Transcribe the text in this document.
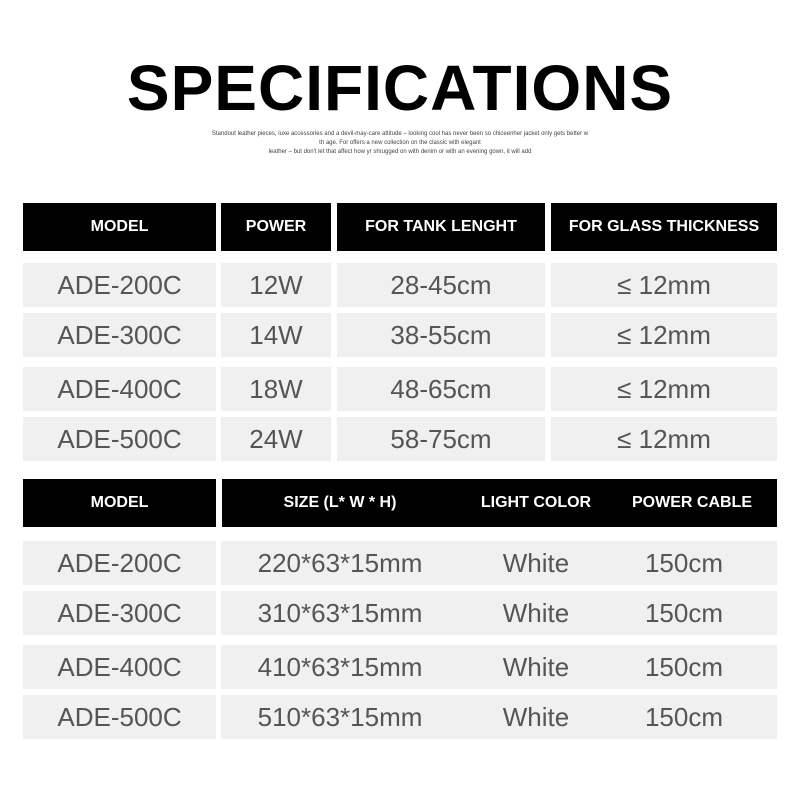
SPECIFICATIONS
Standout leather pieces, luxe accessories and a devil-may-care attitude – looking cool has never been so chiceenher jacket only gets better w
th age. For offers a new collection on the classic with elegant
leather – but don't let that affect how yr shrugged on with denim or with an evening gown, it will add
MODEL	POWER	FOR TANK LENGHT	FOR GLASS THICKNESS
ADE-200C	12W	28-45cm	≤ 12mm
ADE-300C	14W	38-55cm	≤ 12mm
ADE-400C	18W	48-65cm	≤ 12mm
ADE-500C	24W	58-75cm	≤ 12mm
MODEL	SIZE (L* W * H)	LIGHT COLOR	POWER CABLE
ADE-200C	220*63*15mm	White	150cm
ADE-300C	310*63*15mm	White	150cm
ADE-400C	410*63*15mm	White	150cm
ADE-500C	510*63*15mm	White	150cm
